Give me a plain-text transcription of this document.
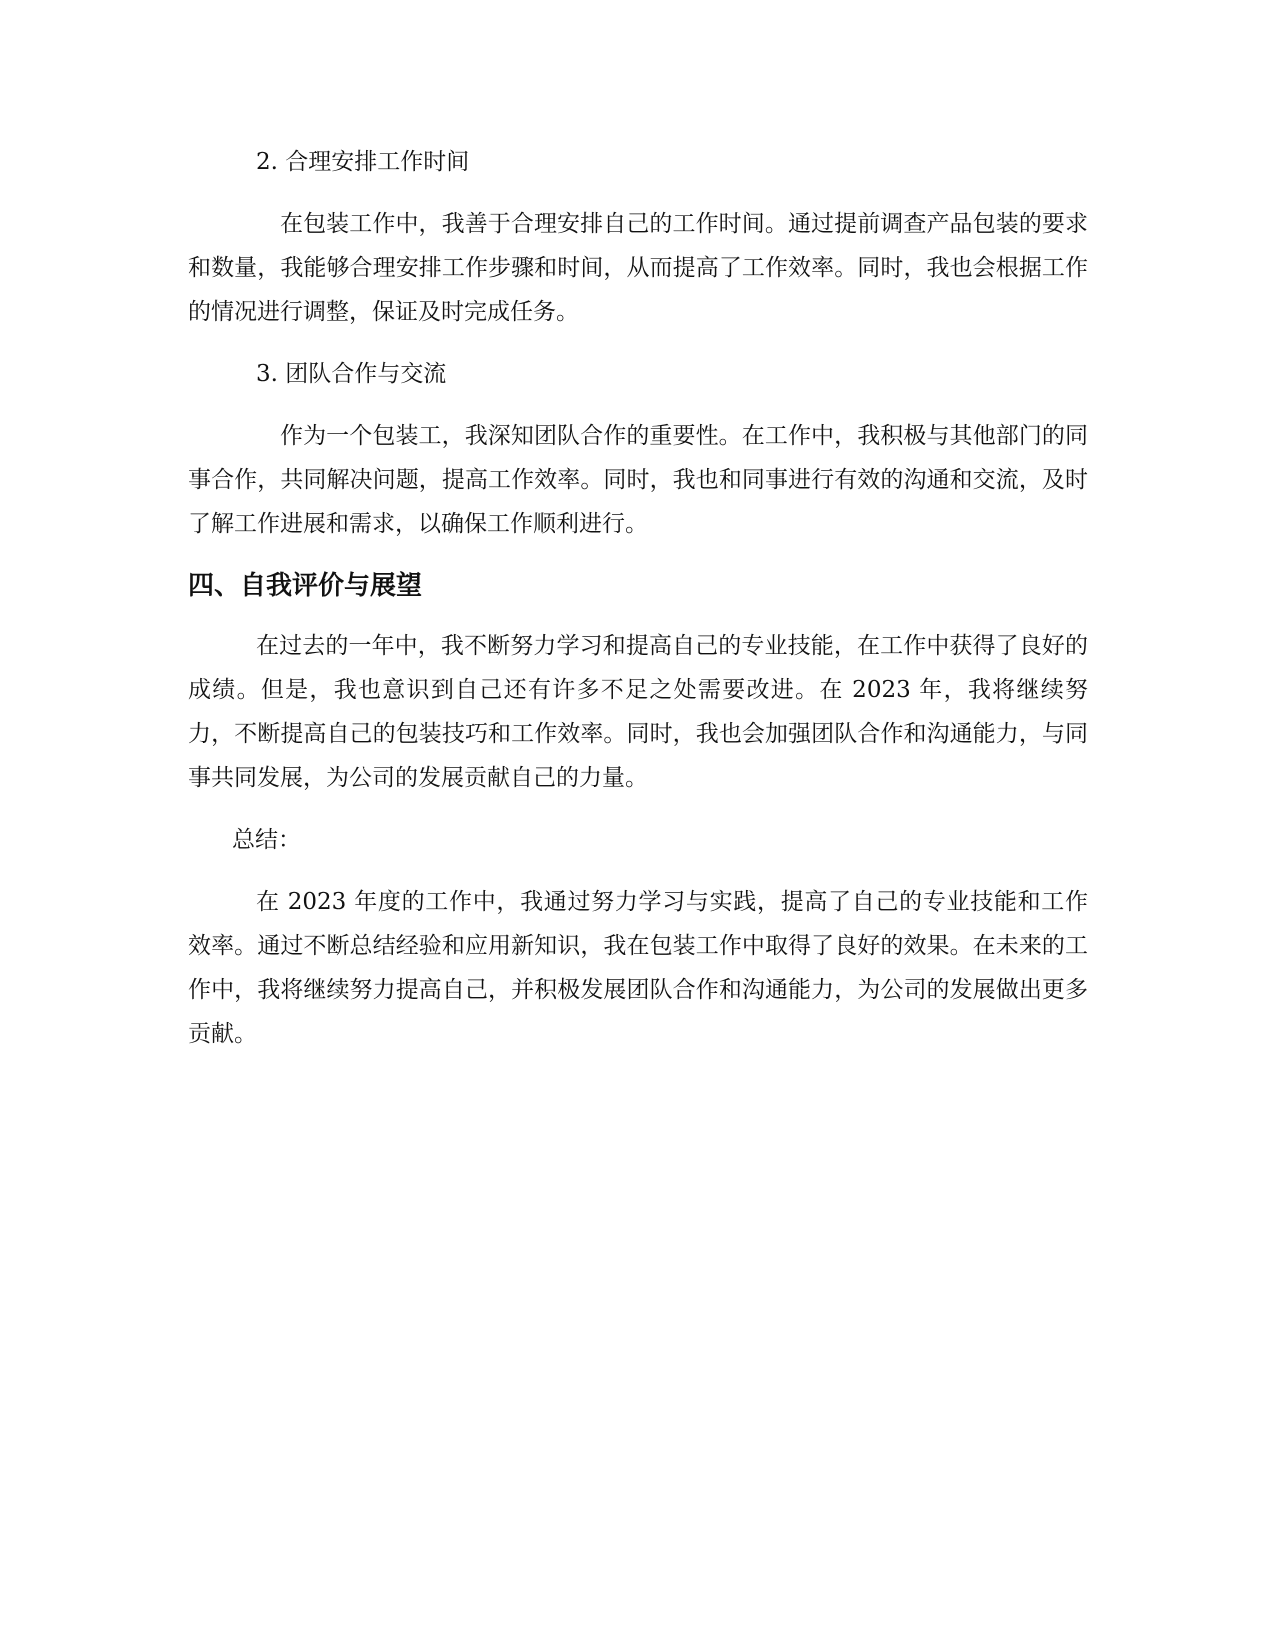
2. 合理安排工作时间

在包装工作中，我善于合理安排自己的工作时间。通过提前调查产品包装的要求和数量，我能够合理安排工作步骤和时间，从而提高了工作效率。同时，我也会根据工作的情况进行调整，保证及时完成任务。

3. 团队合作与交流

作为一个包装工，我深知团队合作的重要性。在工作中，我积极与其他部门的同事合作，共同解决问题，提高工作效率。同时，我也和同事进行有效的沟通和交流，及时了解工作进展和需求，以确保工作顺利进行。

四、自我评价与展望

在过去的一年中，我不断努力学习和提高自己的专业技能，在工作中获得了良好的成绩。但是，我也意识到自己还有许多不足之处需要改进。在 2023 年，我将继续努力，不断提高自己的包装技巧和工作效率。同时，我也会加强团队合作和沟通能力，与同事共同发展，为公司的发展贡献自己的力量。

总结：

在 2023 年度的工作中，我通过努力学习与实践，提高了自己的专业技能和工作效率。通过不断总结经验和应用新知识，我在包装工作中取得了良好的效果。在未来的工作中，我将继续努力提高自己，并积极发展团队合作和沟通能力，为公司的发展做出更多贡献。
